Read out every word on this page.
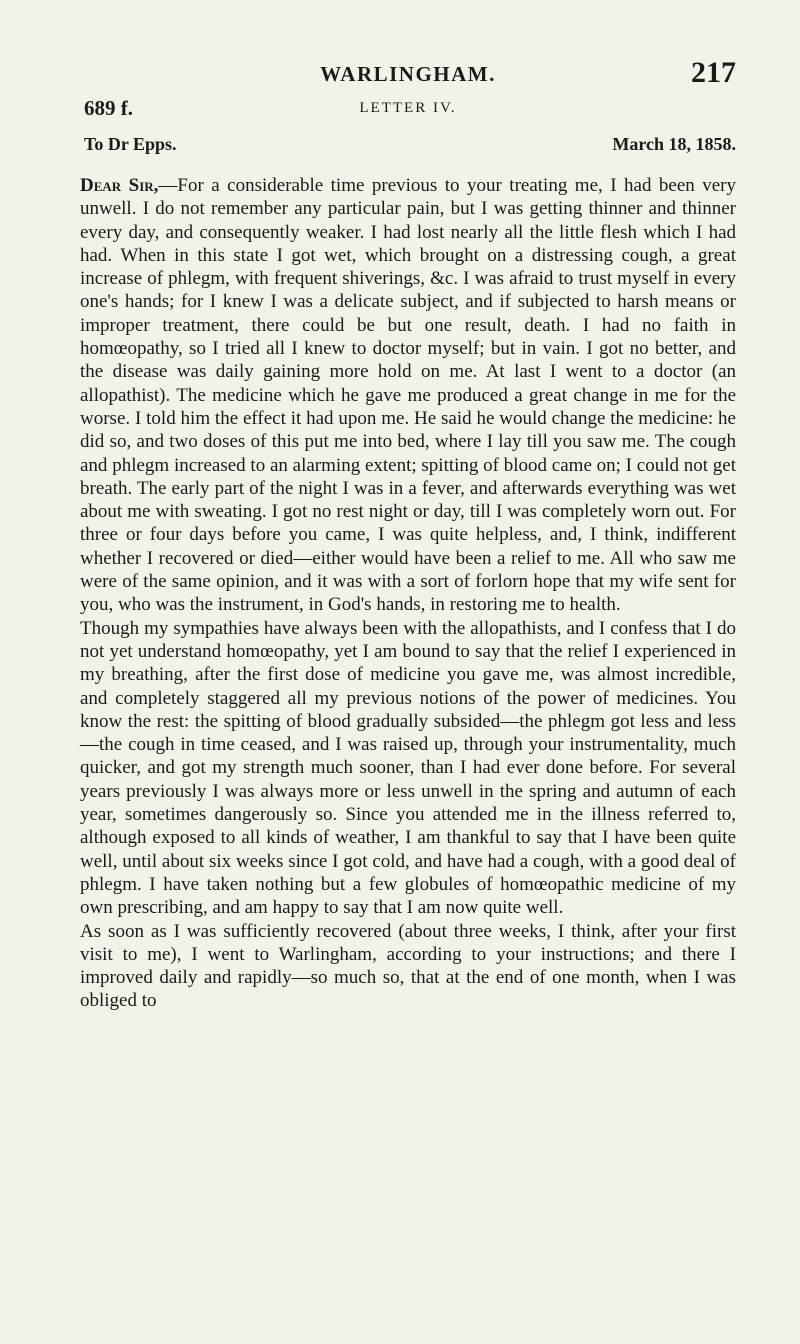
WARLINGHAM.	217
689 f.	LETTER IV.
To Dr Epps.	March 18, 1858.

Dear Sir,—For a considerable time previous to your treating me, I had been very unwell. I do not remember any particular pain, but I was getting thinner and thinner every day, and consequently weaker. I had lost nearly all the little flesh which I had had. When in this state I got wet, which brought on a distressing cough, a great increase of phlegm, with frequent shiverings, &c. I was afraid to trust myself in every one's hands; for I knew I was a delicate subject, and if subjected to harsh means or improper treatment, there could be but one result, death. I had no faith in homœopathy, so I tried all I knew to doctor myself; but in vain. I got no better, and the disease was daily gaining more hold on me. At last I went to a doctor (an allopathist). The medicine which he gave me produced a great change in me for the worse. I told him the effect it had upon me. He said he would change the medicine: he did so, and two doses of this put me into bed, where I lay till you saw me. The cough and phlegm increased to an alarming extent; spitting of blood came on; I could not get breath. The early part of the night I was in a fever, and afterwards everything was wet about me with sweating. I got no rest night or day, till I was completely worn out. For three or four days before you came, I was quite helpless, and, I think, indifferent whether I recovered or died—either would have been a relief to me. All who saw me were of the same opinion, and it was with a sort of forlorn hope that my wife sent for you, who was the instrument, in God's hands, in restoring me to health.

Though my sympathies have always been with the allopathists, and I confess that I do not yet understand homœopathy, yet I am bound to say that the relief I experienced in my breathing, after the first dose of medicine you gave me, was almost incredible, and completely staggered all my previous notions of the power of medicines. You know the rest: the spitting of blood gradually subsided—the phlegm got less and less—the cough in time ceased, and I was raised up, through your instrumentality, much quicker, and got my strength much sooner, than I had ever done before. For several years previously I was always more or less unwell in the spring and autumn of each year, sometimes dangerously so. Since you attended me in the illness referred to, although exposed to all kinds of weather, I am thankful to say that I have been quite well, until about six weeks since I got cold, and have had a cough, with a good deal of phlegm. I have taken nothing but a few globules of homœopathic medicine of my own prescribing, and am happy to say that I am now quite well.

As soon as I was sufficiently recovered (about three weeks, I think, after your first visit to me), I went to Warlingham, according to your instructions; and there I improved daily and rapidly—so much so, that at the end of one month, when I was obliged to
